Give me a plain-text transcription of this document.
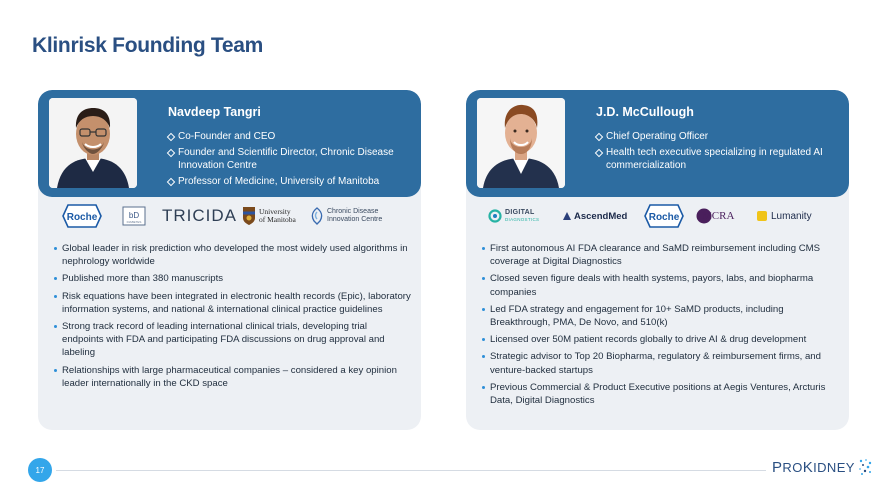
Klinrisk Founding Team
Navdeep Tangri
Co-Founder and CEO
Founder and Scientific Director, Chronic Disease Innovation Centre
Professor of Medicine, University of Manitoba
Roche	bD
DIABETES TRICIDA	University
of Manitoba
Chronic Disease
Innovation Centre
Global leader in risk prediction who developed the most widely used algorithms in nephrology worldwide
Published more than 380 manuscripts
Risk equations have been integrated in electronic health records (Epic), laboratory information systems, and national & international clinical practice guidelines
Strong track record of leading international clinical trials, developing trial endpoints with FDA and participating FDA discussions on drug approval and labeling
Relationships with large pharmaceutical companies – considered a key opinion leader internationally in the CKD space
J.D. McCullough
Chief Operating Officer
Health tech executive specializing in regulated AI commercialization
DIGITAL
DIAGNOSTICS	AscendMed Roche MCRA	Lumanity
First autonomous AI FDA clearance and SaMD reimbursement including CMS coverage at Digital Diagnostics
Closed seven figure deals with health systems, payors, labs, and biopharma companies
Led FDA strategy and engagement for 10+ SaMD products, including Breakthrough, PMA, De Novo, and 510(k)
Licensed over 50M patient records globally to drive AI & drug development
Strategic advisor to Top 20 Biopharma, regulatory & reimbursement firms, and venture-backed startups
Previous Commercial & Product Executive positions at Aegis Ventures, Arcturis Data, Digital Diagnostics
17	P RO K IDNEY
